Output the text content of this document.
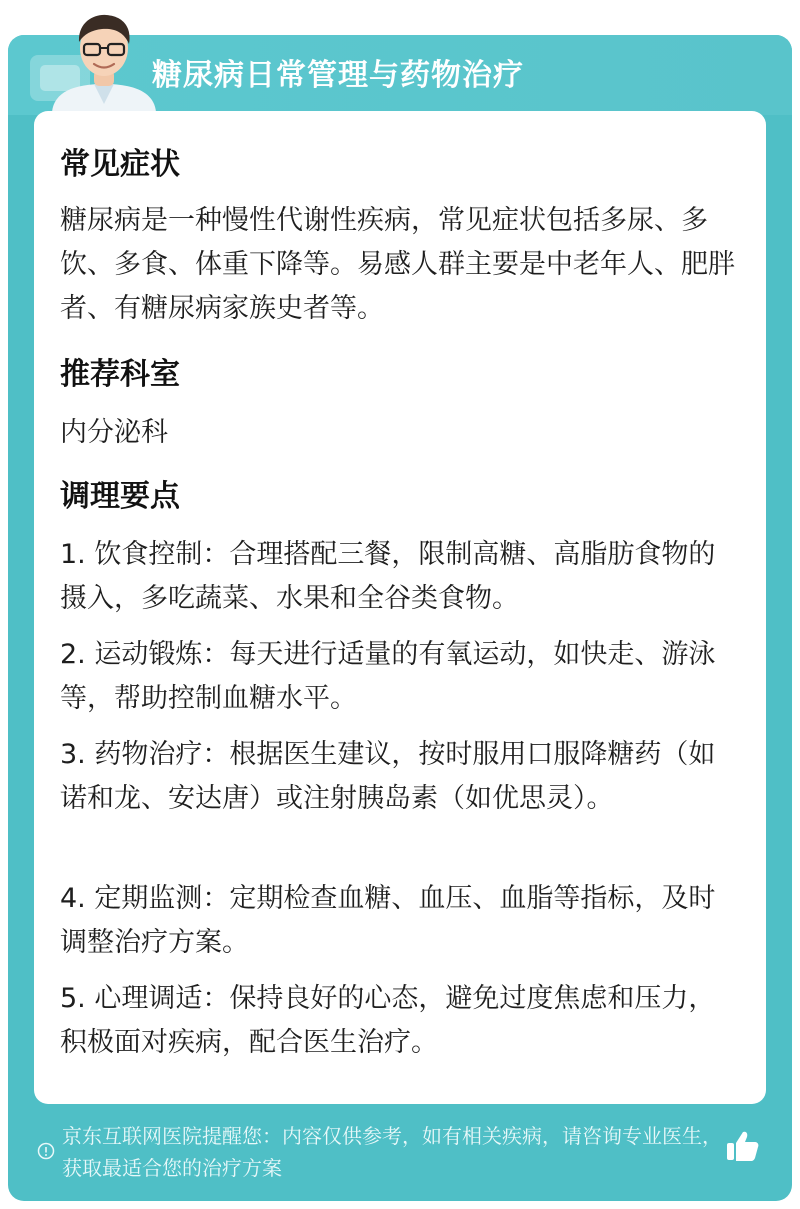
糖尿病日常管理与药物治疗
常见症状
糖尿病是一种慢性代谢性疾病，常见症状包括多尿、多饮、多食、体重下降等。易感人群主要是中老年人、肥胖者、有糖尿病家族史者等。
推荐科室
内分泌科
调理要点
1. 饮食控制：合理搭配三餐，限制高糖、高脂肪食物的摄入，多吃蔬菜、水果和全谷类食物。
2. 运动锻炼：每天进行适量的有氧运动，如快走、游泳等，帮助控制血糖水平。
3. 药物治疗：根据医生建议，按时服用口服降糖药（如诺和龙、安达唐）或注射胰岛素（如优思灵）。
4. 定期监测：定期检查血糖、血压、血脂等指标，及时调整治疗方案。
5. 心理调适：保持良好的心态，避免过度焦虑和压力，积极面对疾病，配合医生治疗。
京东互联网医院提醒您：内容仅供参考，如有相关疾病，请咨询专业医生，获取最适合您的治疗方案
